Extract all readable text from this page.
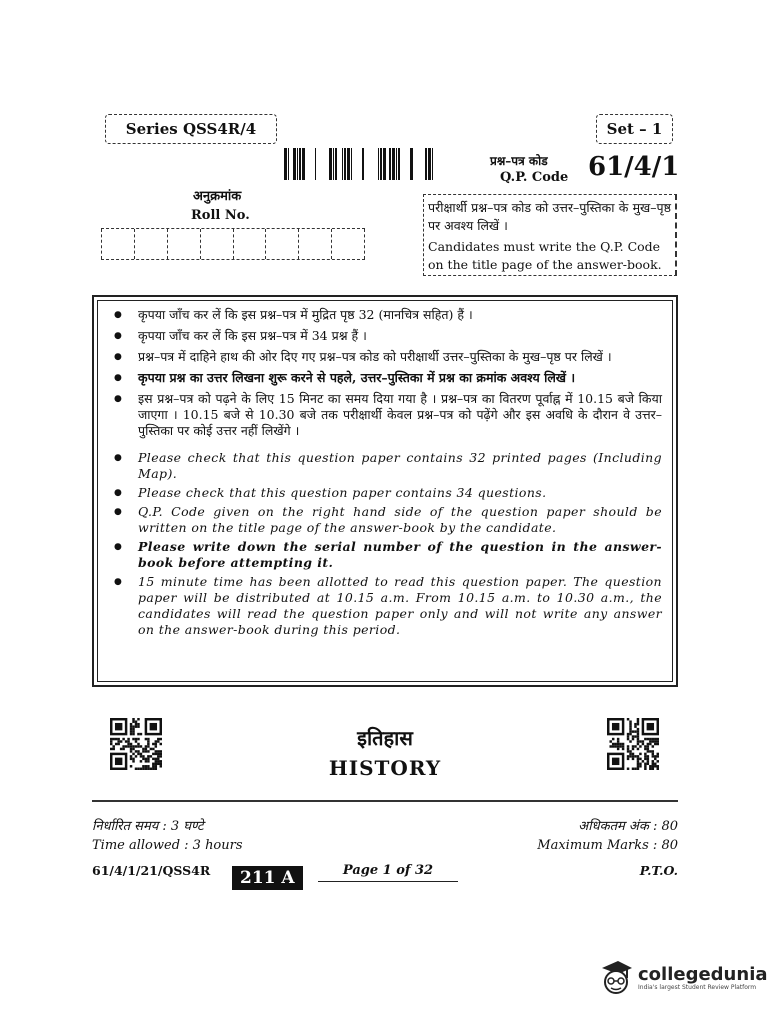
Series QSS4R/4	Set – 1
प्रश्न–पत्र कोड
Q.P. Code 61/4/1
अनुक्रमांक
Roll No.
परीक्षार्थी प्रश्न–पत्र कोड को उत्तर–पुस्तिका के मुख–पृष्ठ पर अवश्य लिखें ।
Candidates must write the Q.P. Code on the title page of the answer-book.
● कृपया जाँच कर लें कि इस प्रश्न–पत्र में मुद्रित पृष्ठ 32 (मानचित्र सहित) हैं ।
● कृपया जाँच कर लें कि इस प्रश्न–पत्र में 34 प्रश्न हैं ।
● प्रश्न–पत्र में दाहिने हाथ की ओर दिए गए प्रश्न–पत्र कोड को परीक्षार्थी उत्तर–पुस्तिका के मुख–पृष्ठ पर लिखें ।
● कृपया प्रश्न का उत्तर लिखना शुरू करने से पहले, उत्तर–पुस्तिका में प्रश्न का क्रमांक अवश्य लिखें ।
● इस प्रश्न–पत्र को पढ़ने के लिए 15 मिनट का समय दिया गया है । प्रश्न–पत्र का वितरण पूर्वाह्न में 10.15 बजे किया जाएगा । 10.15 बजे से 10.30 बजे तक परीक्षार्थी केवल प्रश्न–पत्र को पढ़ेंगे और इस अवधि के दौरान वे उत्तर–पुस्तिका पर कोई उत्तर नहीं लिखेंगे ।
● Please check that this question paper contains 32 printed pages (Including Map).
● Please check that this question paper contains 34 questions.
● Q.P. Code given on the right hand side of the question paper should be written on the title page of the answer-book by the candidate.
● Please write down the serial number of the question in the answer-book before attempting it.
● 15 minute time has been allotted to read this question paper. The question paper will be distributed at 10.15 a.m. From 10.15 a.m. to 10.30 a.m., the candidates will read the question paper only and will not write any answer on the answer-book during this period.
इतिहास
HISTORY
निर्धारित समय : 3 घण्टे
Time allowed : 3 hours
अधिकतम अंक : 80
Maximum Marks : 80
61/4/1/21/QSS4R	211 A	Page 1 of 32	P.T.O.
collegedunia
India's largest Student Review Platform
